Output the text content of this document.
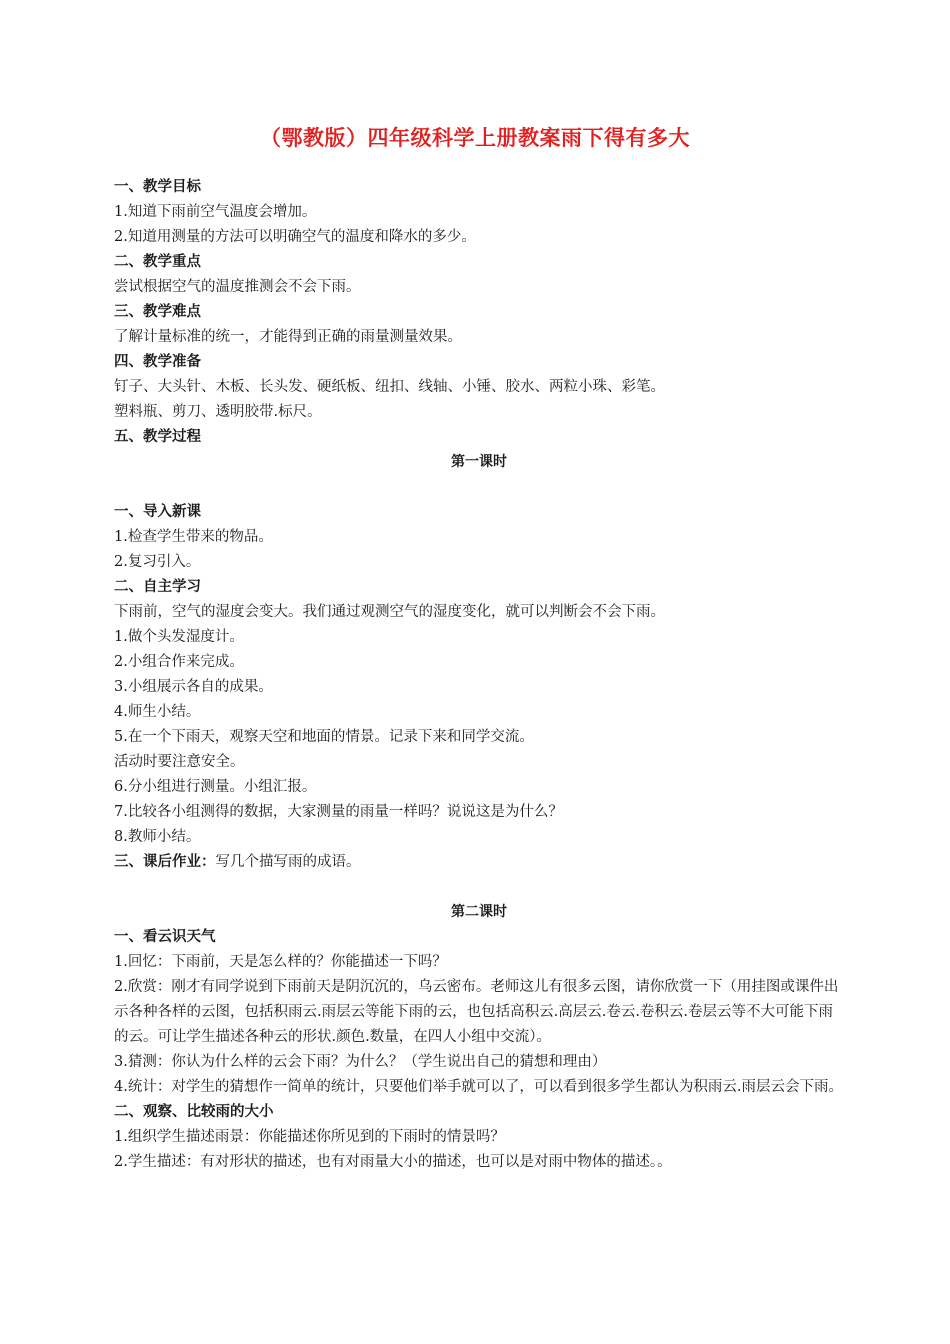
（鄂教版）四年级科学上册教案雨下得有多大
一、教学目标
1.知道下雨前空气温度会增加。
2.知道用测量的方法可以明确空气的温度和降水的多少。
二、教学重点
尝试根据空气的温度推测会不会下雨。
三、教学难点
了解计量标准的统一，才能得到正确的雨量测量效果。
四、教学准备
钉子、大头针、木板、长头发、硬纸板、纽扣、线轴、小锤、胶水、两粒小珠、彩笔。
塑料瓶、剪刀、透明胶带.标尺。
五、教学过程
第一课时
一、导入新课
1.检查学生带来的物品。
2.复习引入。
二、自主学习
下雨前，空气的湿度会变大。我们通过观测空气的湿度变化，就可以判断会不会下雨。
1.做个头发湿度计。
2.小组合作来完成。
3.小组展示各自的成果。
4.师生小结。
5.在一个下雨天，观察天空和地面的情景。记录下来和同学交流。
活动时要注意安全。
6.分小组进行测量。小组汇报。
7.比较各小组测得的数据，大家测量的雨量一样吗？说说这是为什么？
8.教师小结。
三、课后作业：写几个描写雨的成语。
第二课时
一、看云识天气
1.回忆：下雨前，天是怎么样的？你能描述一下吗？
2.欣赏：刚才有同学说到下雨前天是阴沉沉的，乌云密布。老师这儿有很多云图，请你欣赏一下（用挂图或课件出示各种各样的云图，包括积雨云.雨层云等能下雨的云，也包括高积云.高层云.卷云.卷积云.卷层云等不大可能下雨的云。可让学生描述各种云的形状.颜色.数量，在四人小组中交流）。
3.猜测：你认为什么样的云会下雨？为什么？（学生说出自己的猜想和理由）
4.统计：对学生的猜想作一简单的统计，只要他们举手就可以了，可以看到很多学生都认为积雨云.雨层云会下雨。
二、观察、比较雨的大小
1.组织学生描述雨景：你能描述你所见到的下雨时的情景吗？
2.学生描述：有对形状的描述，也有对雨量大小的描述，也可以是对雨中物体的描述。。
